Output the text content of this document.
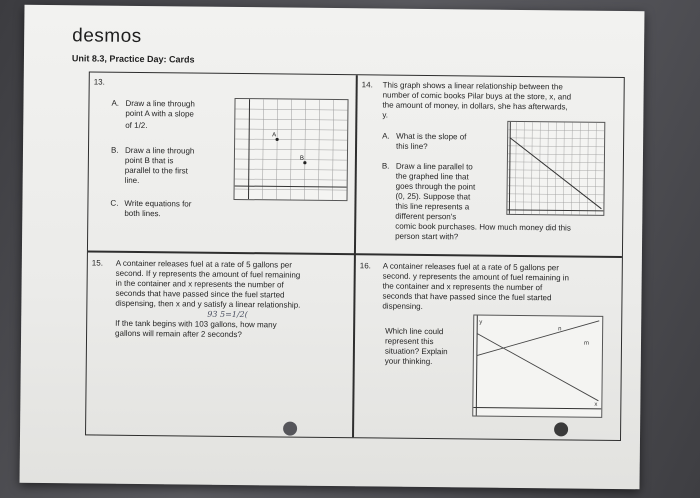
desmos
Unit 8.3, Practice Day: Cards
13.
A. Draw a line through
point A with a slope
of 1/2.
B. Draw a line through
point B that is
parallel to the first
line.
C. Write equations for
both lines.
A
B
14. This graph shows a linear relationship between the
number of comic books Pilar buys at the store, x, and
the amount of money, in dollars, she has afterwards,
y.
A. What is the slope of
this line?
B. Draw a line parallel to
the graphed line that
goes through the point
(0, 25). Suppose that
this line represents a
different person's
comic book purchases. How much money did this
person start with?
15. A container releases fuel at a rate of 5 gallons per
second. If y represents the amount of fuel remaining
in the container and x represents the number of
seconds that have passed since the fuel started
dispensing, then x and y satisfy a linear relationship.
93 5=1/2(
If the tank begins with 103 gallons, how many
gallons will remain after 2 seconds?
16. A container releases fuel at a rate of 5 gallons per
second. y represents the amount of fuel remaining in
the container and x represents the number of
seconds that have passed since the fuel started
dispensing.
Which line could
represent this
situation? Explain
your thinking.
y
x
n
m
